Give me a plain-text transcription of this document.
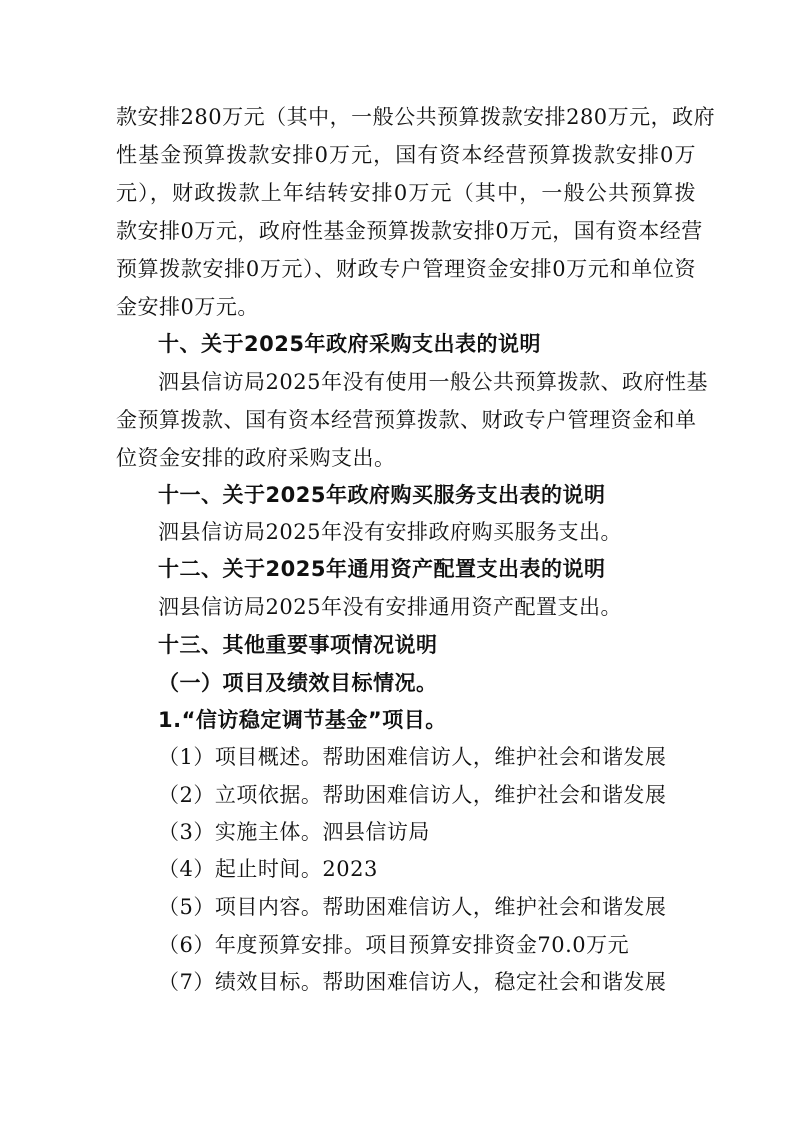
款安排280万元（其中，一般公共预算拨款安排280万元，政府
性基金预算拨款安排0万元，国有资本经营预算拨款安排0万
元），财政拨款上年结转安排0万元（其中，一般公共预算拨
款安排0万元，政府性基金预算拨款安排0万元，国有资本经营
预算拨款安排0万元）、财政专户管理资金安排0万元和单位资
金安排0万元。
十、关于2025年政府采购支出表的说明
泗县信访局2025年没有使用一般公共预算拨款、政府性基
金预算拨款、国有资本经营预算拨款、财政专户管理资金和单
位资金安排的政府采购支出。
十一、关于2025年政府购买服务支出表的说明
泗县信访局2025年没有安排政府购买服务支出。
十二、关于2025年通用资产配置支出表的说明
泗县信访局2025年没有安排通用资产配置支出。
十三、其他重要事项情况说明
（一）项目及绩效目标情况。
1.“信访稳定调节基金”项目。
（1）项目概述。帮助困难信访人，维护社会和谐发展
（2）立项依据。帮助困难信访人，维护社会和谐发展
（3）实施主体。泗县信访局
（4）起止时间。2023
（5）项目内容。帮助困难信访人，维护社会和谐发展
（6）年度预算安排。项目预算安排资金70.0万元
（7）绩效目标。帮助困难信访人，稳定社会和谐发展
